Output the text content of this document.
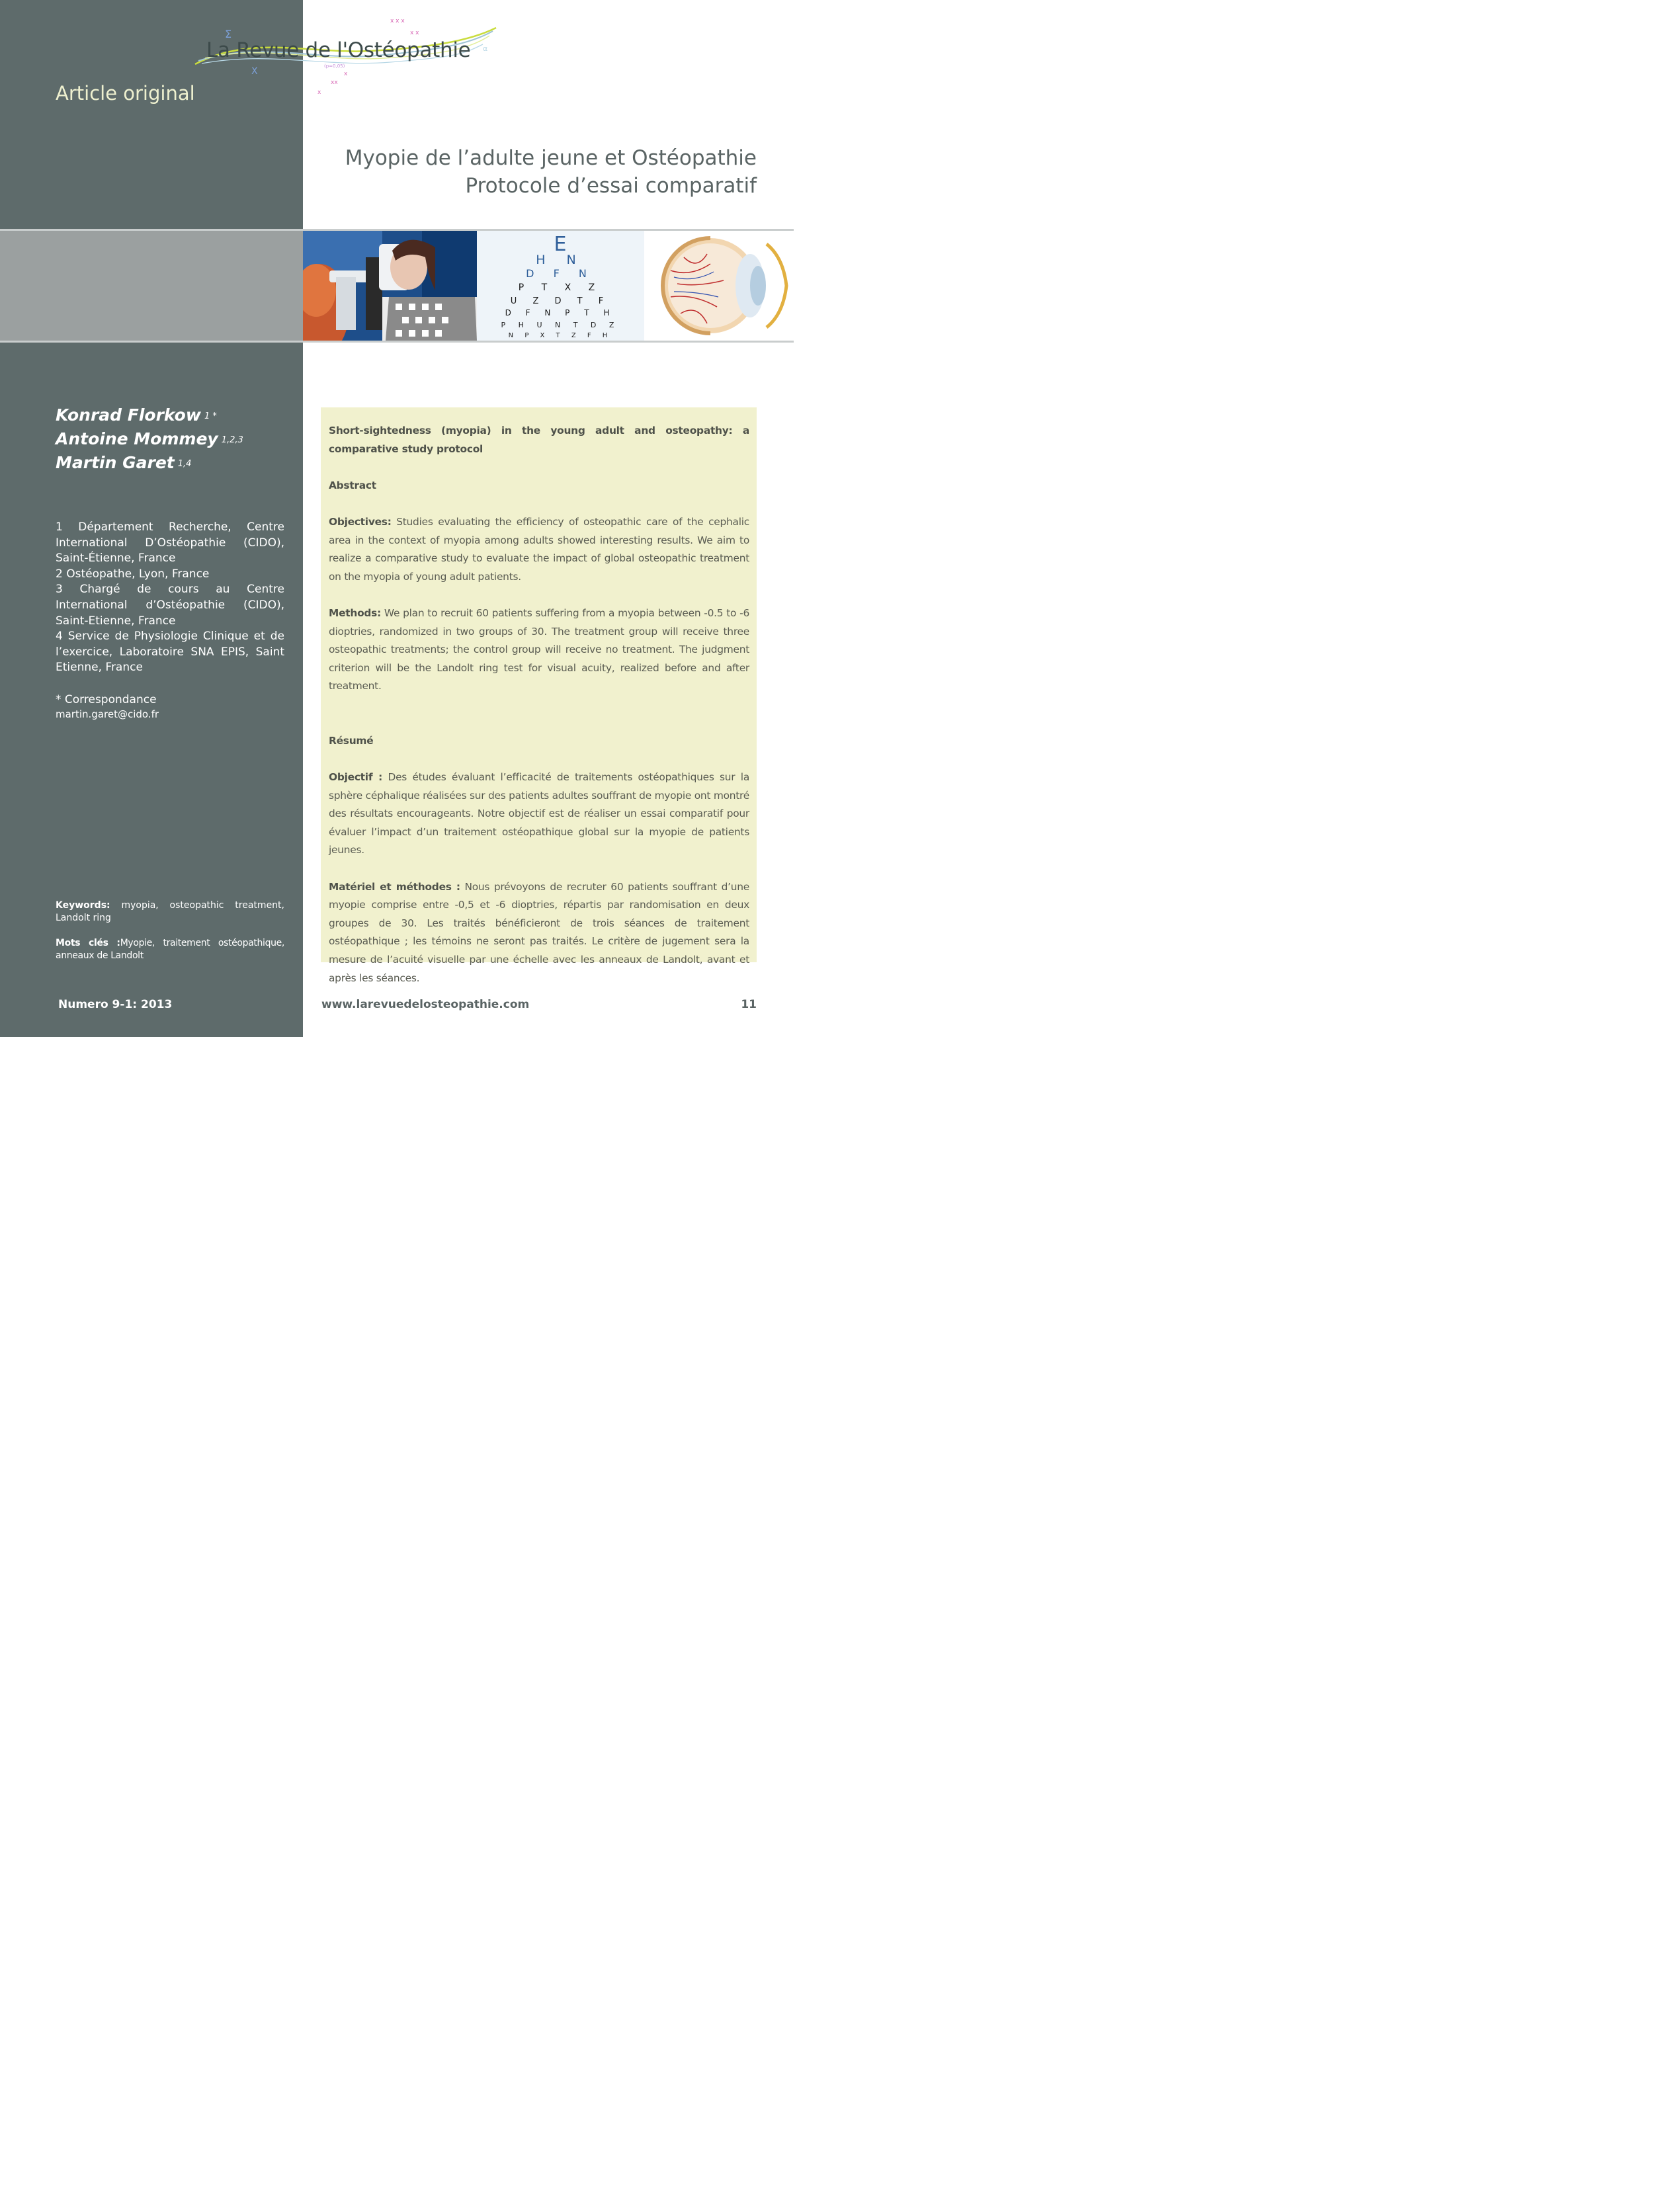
Σ
X	(p=0,05)
x x x
x x
xx
x
x
α
La Revue de l'Ostéopathie
Article original
Myopie de l’adulte jeune et Ostéopathie
Protocole d’essai comparatif
E
H N
D F N
P T X Z
U Z D T F
D F N P T H
P H U N T D Z
N P X T Z F H
Konrad Florkow $^{1 *}$
Antoine Mommey $^{1,2,3}$
Martin Garet $^{1,4}$
1 Département Recherche, Centre International D’Ostéopathie (CIDO), Saint-Étienne, France
2 Ostéopathe, Lyon, France
3 Chargé de cours au Centre International d’Ostéopathie (CIDO), Saint-Etienne, France
4 Service de Physiologie Clinique et de l’exercice, Laboratoire SNA EPIS, Saint Etienne, France
* Correspondance
martin.garet@cido.fr
Keywords: myopia, osteopathic treatment, Landolt ring
Mots clés :Myopie, traitement ostéopathique, anneaux de Landolt

Short-sightedness (myopia) in the young adult and osteopathy: a comparative study protocol

Abstract

Objectives: Studies evaluating the efficiency of osteopathic care of the cephalic area in the context of myopia among adults showed interesting results. We aim to realize a comparative study to evaluate the impact of global osteopathic treatment on the myopia of young adult patients.

Methods: We plan to recruit 60 patients suffering from a myopia between -0.5 to -6 dioptries, randomized in two groups of 30. The treatment group will receive three osteopathic treatments; the control group will receive no treatment. The judgment criterion will be the Landolt ring test for visual acuity, realized before and after treatment.

Résumé

Objectif : Des études évaluant l’efficacité de traitements ostéopathiques sur la sphère céphalique réalisées sur des patients adultes souffrant de myopie ont montré des résultats encourageants. Notre objectif est de réaliser un essai comparatif pour évaluer l’impact d’un traitement ostéopathique global sur la myopie de patients jeunes.

Matériel et méthodes : Nous prévoyons de recruter 60 patients souffrant d’une myopie comprise entre -0,5 et -6 dioptries, répartis par randomisation en deux groupes de 30. Les traités bénéficieront de trois séances de traitement ostéopathique ; les témoins ne seront pas traités. Le critère de jugement sera la mesure de l’acuité visuelle par une échelle avec les anneaux de Landolt, avant et après les séances.

Numero 9-1: 2013	www.larevuedelosteopathie.com	11
